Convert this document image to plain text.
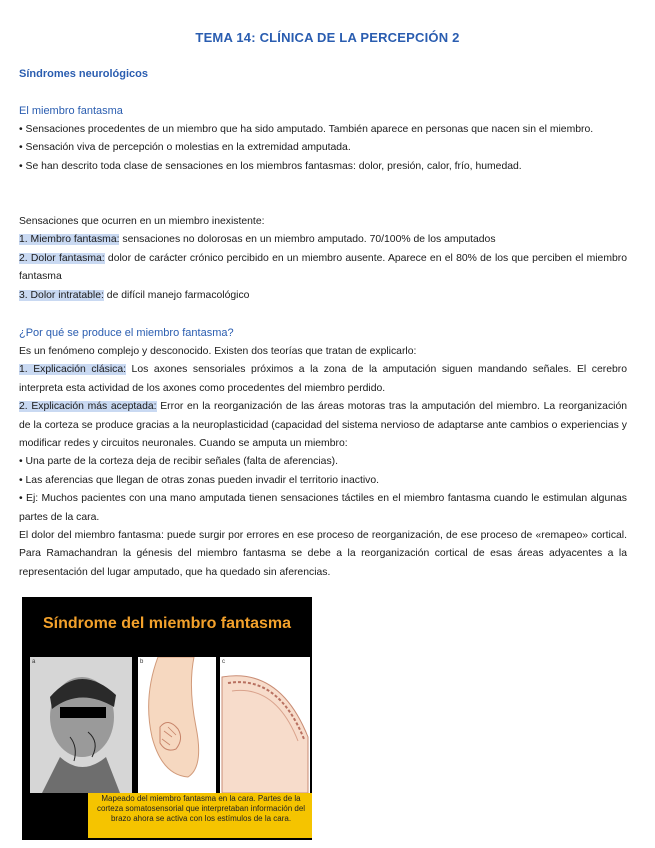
TEMA 14: CLÍNICA DE LA PERCEPCIÓN 2
Síndromes neurológicos
El miembro fantasma

• Sensaciones procedentes de un miembro que ha sido amputado. También aparece en personas que nacen sin el miembro.

• Sensación viva de percepción o molestias en la extremidad amputada.

• Se han descrito toda clase de sensaciones en los miembros fantasmas: dolor, presión, calor, frío, humedad.

Sensaciones que ocurren en un miembro inexistente:

1. Miembro fantasma: sensaciones no dolorosas en un miembro amputado. 70/100% de los amputados

2. Dolor fantasma: dolor de carácter crónico percibido en un miembro ausente. Aparece en el 80% de los que perciben el miembro fantasma

3. Dolor intratable: de difícil manejo farmacológico

¿Por qué se produce el miembro fantasma?

Es un fenómeno complejo y desconocido. Existen dos teorías que tratan de explicarlo:

1. Explicación clásica: Los axones sensoriales próximos a la zona de la amputación siguen mandando señales. El cerebro interpreta esta actividad de los axones como procedentes del miembro perdido.

2. Explicación más aceptada: Error en la reorganización de las áreas motoras tras la amputación del miembro. La reorganización de la corteza se produce gracias a la neuroplasticidad (capacidad del sistema nervioso de adaptarse ante cambios o experiencias y modificar redes y circuitos neuronales. Cuando se amputa un miembro:

• Una parte de la corteza deja de recibir señales (falta de aferencias).

• Las aferencias que llegan de otras zonas pueden invadir el territorio inactivo.

• Ej: Muchos pacientes con una mano amputada tienen sensaciones táctiles en el miembro fantasma cuando le estimulan algunas partes de la cara.

El dolor del miembro fantasma: puede surgir por errores en ese proceso de reorganización, de ese proceso de «remapeo» cortical. Para Ramachandran la génesis del miembro fantasma se debe a la reorganización cortical de esas áreas adyacentes a la representación del lugar amputado, que ha quedado sin aferencias.

Síndrome del miembro fantasma
a	b	c
Mapeado del miembro fantasma en la cara. Partes de la corteza somatosensorial que interpretaban información del brazo ahora se activa con los estímulos de la cara.
